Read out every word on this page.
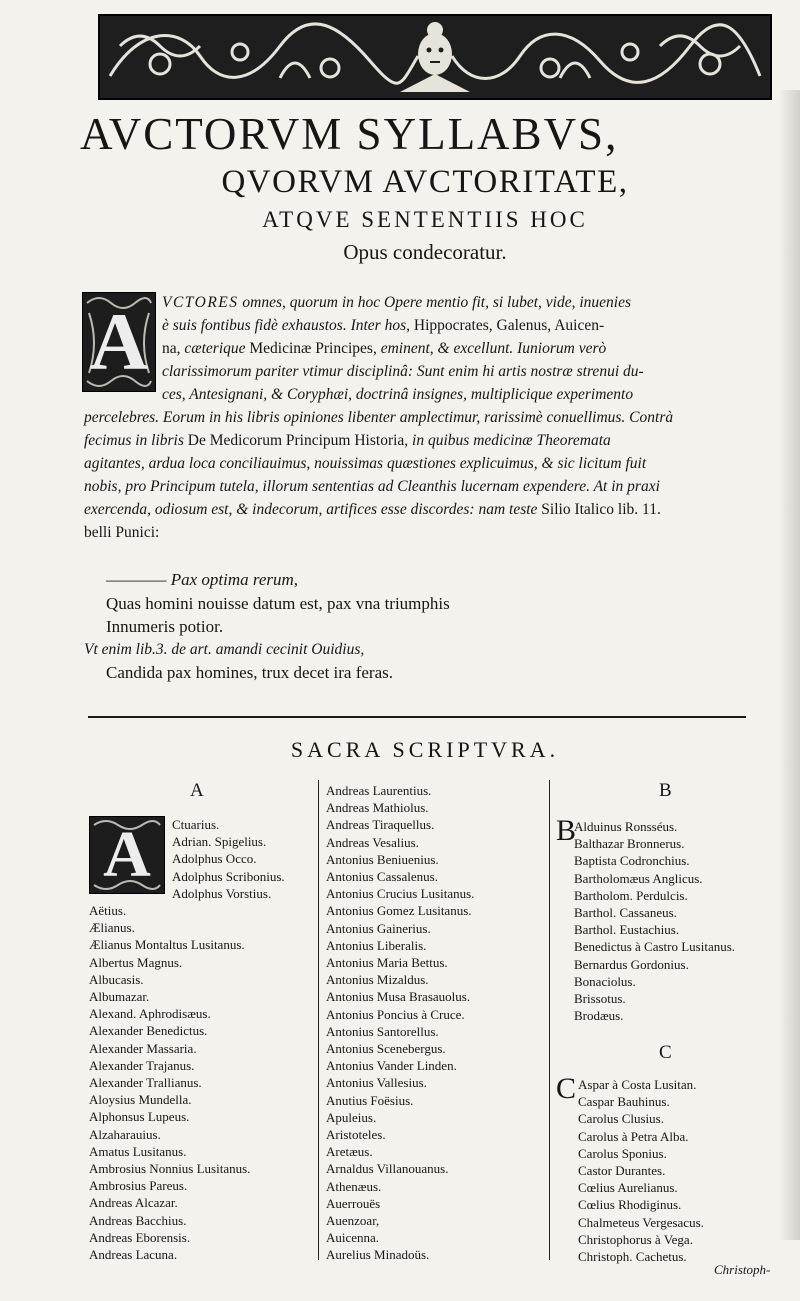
AVCTORVM SYLLABVS,
QVORVM AVCTORITATE,
ATQVE SENTENTIIS HOC
Opus condecoratur.
A VCTORES omnes, quorum in hoc Opere mentio fit, si lubet, vide, inuenies
è suis fontibus fidè exhaustos. Inter hos, Hippocrates, Galenus, Auicen-
na, cæterique Medicinæ Principes, eminent, & excellunt. Iuniorum verò
clarissimorum pariter vtimur disciplinâ: Sunt enim hi artis nostræ strenui du-
ces, Antesignani, & Coryphæi, doctrinâ insignes, multiplicique experimento
percelebres. Eorum in his libris opiniones libenter amplectimur, rarissimè conuellimus. Contrà
fecimus in libris De Medicorum Principum Historia, in quibus medicinæ Theoremata
agitantes, ardua loca conciliauimus, nouissimas quæstiones explicuimus, & sic licitum fuit
nobis, pro Principum tutela, illorum sententias ad Cleanthis lucernam expendere. At in praxi
exercenda, odiosum est, & indecorum, artifices esse discordes: nam teste Silio Italico lib. 11.
belli Punici:
———— Pax optima rerum,
Quas homini nouisse datum est, pax vna triumphis
Innumeris potior.
Vt enim lib.3. de art. amandi cecinit Ouidius,
Candida pax homines, trux decet ira feras.
SACRA SCRIPTVRA.
A
A	Ctuarius.
Adrian. Spigelius.
Adolphus Occo.
Adolphus Scribonius.
Adolphus Vorstius.
Aëtius.
Ælianus.
Ælianus Montaltus Lusitanus.
Albertus Magnus.
Albucasis.
Albumazar.
Alexand. Aphrodisæus.
Alexander Benedictus.
Alexander Massaria.
Alexander Trajanus.
Alexander Trallianus.
Aloysius Mundella.
Alphonsus Lupeus.
Alzaharauius.
Amatus Lusitanus.
Ambrosius Nonnius Lusitanus.
Ambrosius Pareus.
Andreas Alcazar.
Andreas Bacchius.
Andreas Eborensis.
Andreas Lacuna.
Andreas Laurentius.
Andreas Mathiolus.
Andreas Tiraquellus.
Andreas Vesalius.
Antonius Beniuenius.
Antonius Cassalenus.
Antonius Crucius Lusitanus.
Antonius Gomez Lusitanus.
Antonius Gainerius.
Antonius Liberalis.
Antonius Maria Bettus.
Antonius Mizaldus.
Antonius Musa Brasauolus.
Antonius Poncius à Cruce.
Antonius Santorellus.
Antonius Scenebergus.
Antonius Vander Linden.
Antonius Vallesius.
Anutius Foësius.
Apuleius.
Aristoteles.
Aretæus.
Arnaldus Villanouanus.
Athenæus.
Auerrouës
Auenzoar,
Auicenna.
Aurelius Minadoüs.
B
B
Alduinus Ronsséus.
Balthazar Bronnerus.
Baptista Codronchius.
Bartholomæus Anglicus.
Bartholom. Perdulcis.
Barthol. Cassaneus.
Barthol. Eustachius.
Benedictus à Castro Lusitanus.
Bernardus Gordonius.
Bonaciolus.
Brissotus.
Brodæus.
C
C Aspar à Costa Lusitan.
Caspar Bauhinus.
Carolus Clusius.
Carolus à Petra Alba.
Carolus Sponius.
Castor Durantes.
Cœlius Aurelianus.
Cœlius Rhodiginus.
Chalmeteus Vergesacus.
Christophorus à Vega.
Christoph. Cachetus.
Christoph-
